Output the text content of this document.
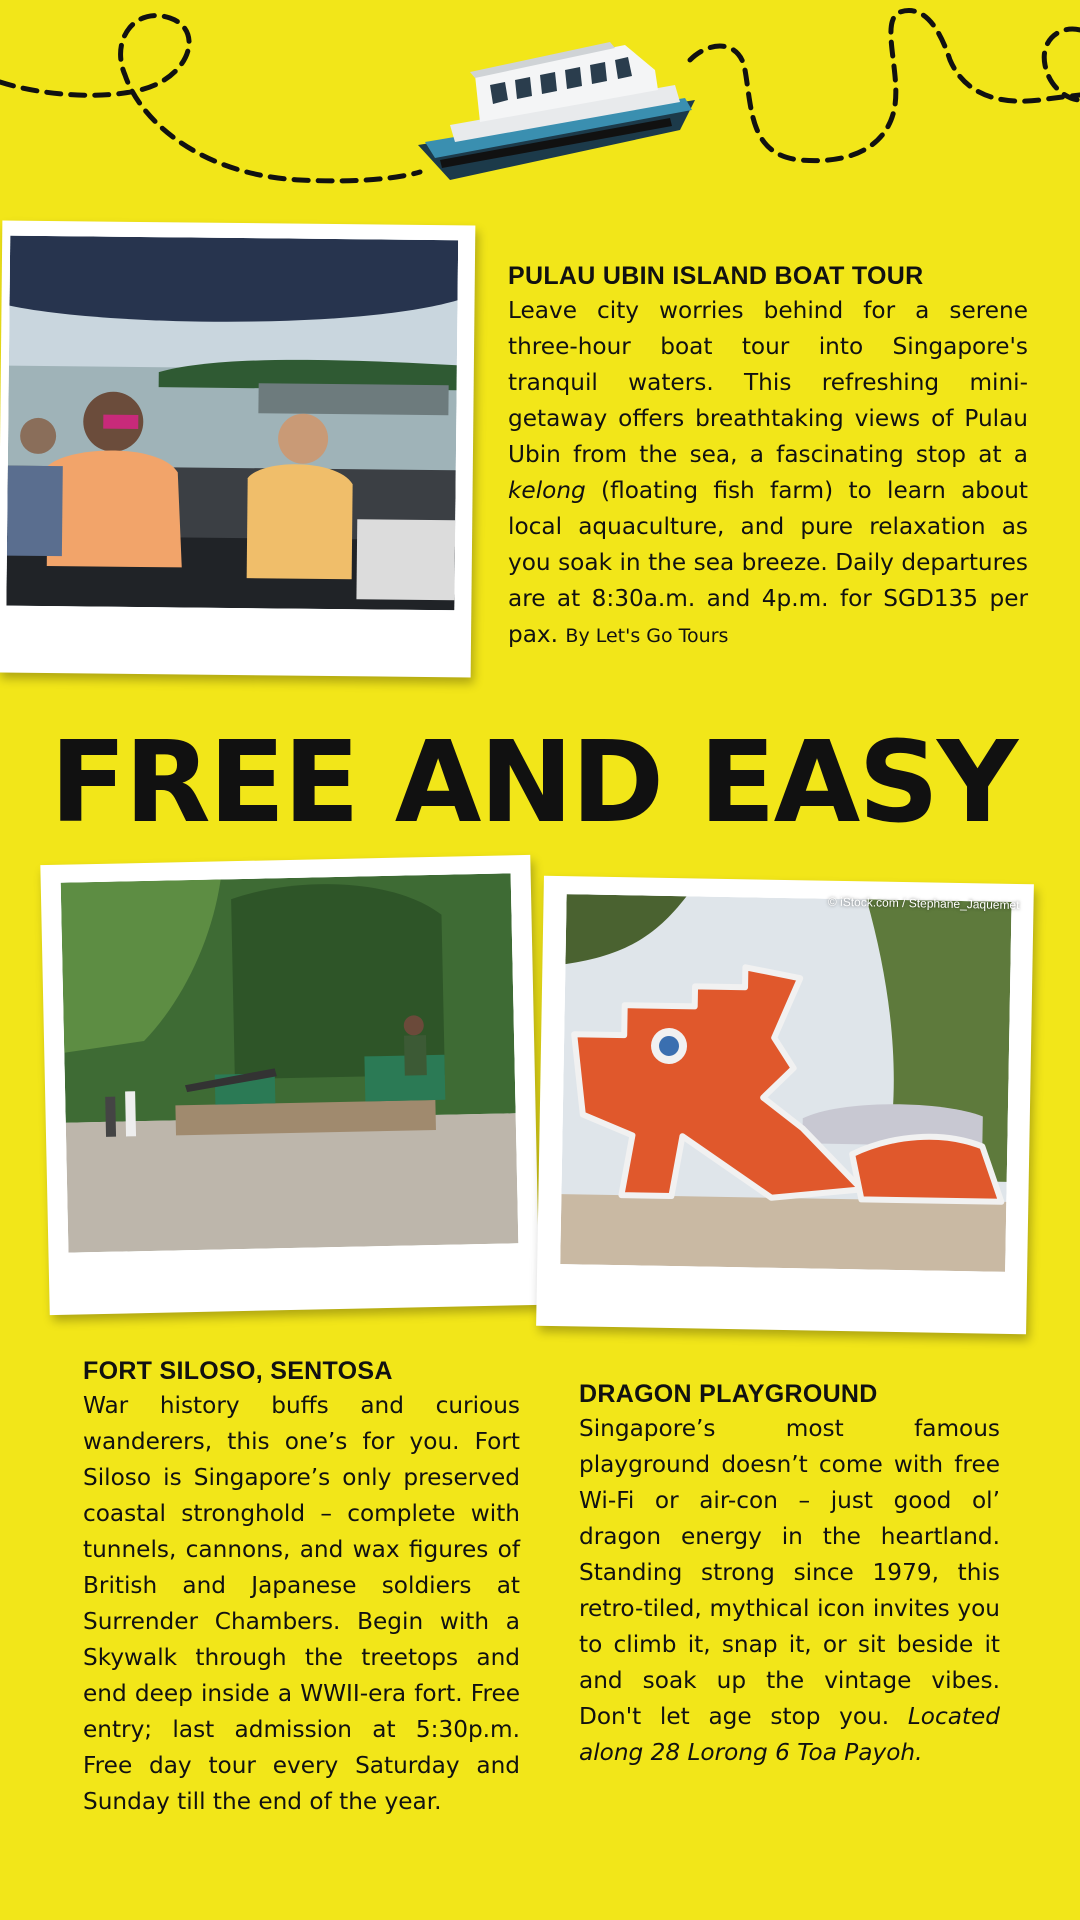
PULAU UBIN ISLAND BOAT TOUR

Leave city worries behind for a serene three-hour boat tour into Singapore's tranquil waters. This refreshing mini-getaway offers breathtaking views of Pulau Ubin from the sea, a fascinating stop at a kelong (floating fish farm) to learn about local aquaculture, and pure relaxation as you soak in the sea breeze. Daily departures are at 8:30a.m. and 4p.m. for SGD135 per pax. By Let's Go Tours

FREE AND EASY
© iStock.com / Stephane_Jaquemet
FORT SILOSO, SENTOSA

War history buffs and curious wanderers, this one’s for you. Fort Siloso is Singapore’s only preserved coastal stronghold – complete with tunnels, cannons, and wax figures of British and Japanese soldiers at Surrender Chambers. Begin with a Skywalk through the treetops and end deep inside a WWII-era fort. Free entry; last admission at 5:30p.m. Free day tour every Saturday and Sunday till the end of the year.

DRAGON PLAYGROUND

Singapore’s most famous playground doesn’t come with free Wi-Fi or air-con – just good ol’ dragon energy in the heartland. Standing strong since 1979, this retro-tiled, mythical icon invites you to climb it, snap it, or sit beside it and soak up the vintage vibes. Don't let age stop you. Located along 28 Lorong 6 Toa Payoh.
